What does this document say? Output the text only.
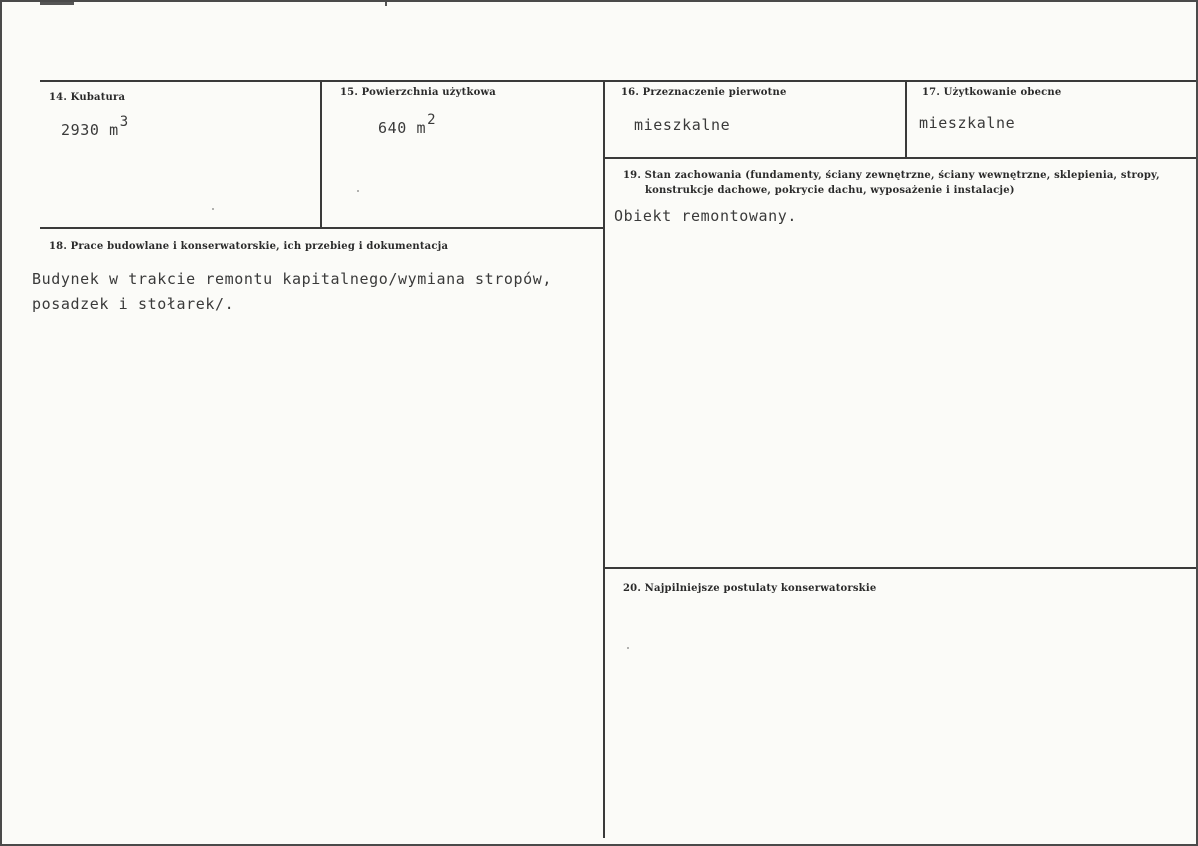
14. Kubatura
2930 m3
15. Powierzchnia użytkowa
640 m2
16. Przeznaczenie pierwotne
mieszkalne
17. Użytkowanie obecne
mieszkalne
19. Stan zachowania (fundamenty, ściany zewnętrzne, ściany wewnętrzne, sklepienia, stropy,
konstrukcje dachowe, pokrycie dachu, wyposażenie i instalacje)
Obiekt remontowany.
18. Prace budowlane i konserwatorskie, ich przebieg i dokumentacja
Budynek w trakcie remontu kapitalnego/wymiana stropów,
posadzek i stołarek/.
20. Najpilniejsze postulaty konserwatorskie
